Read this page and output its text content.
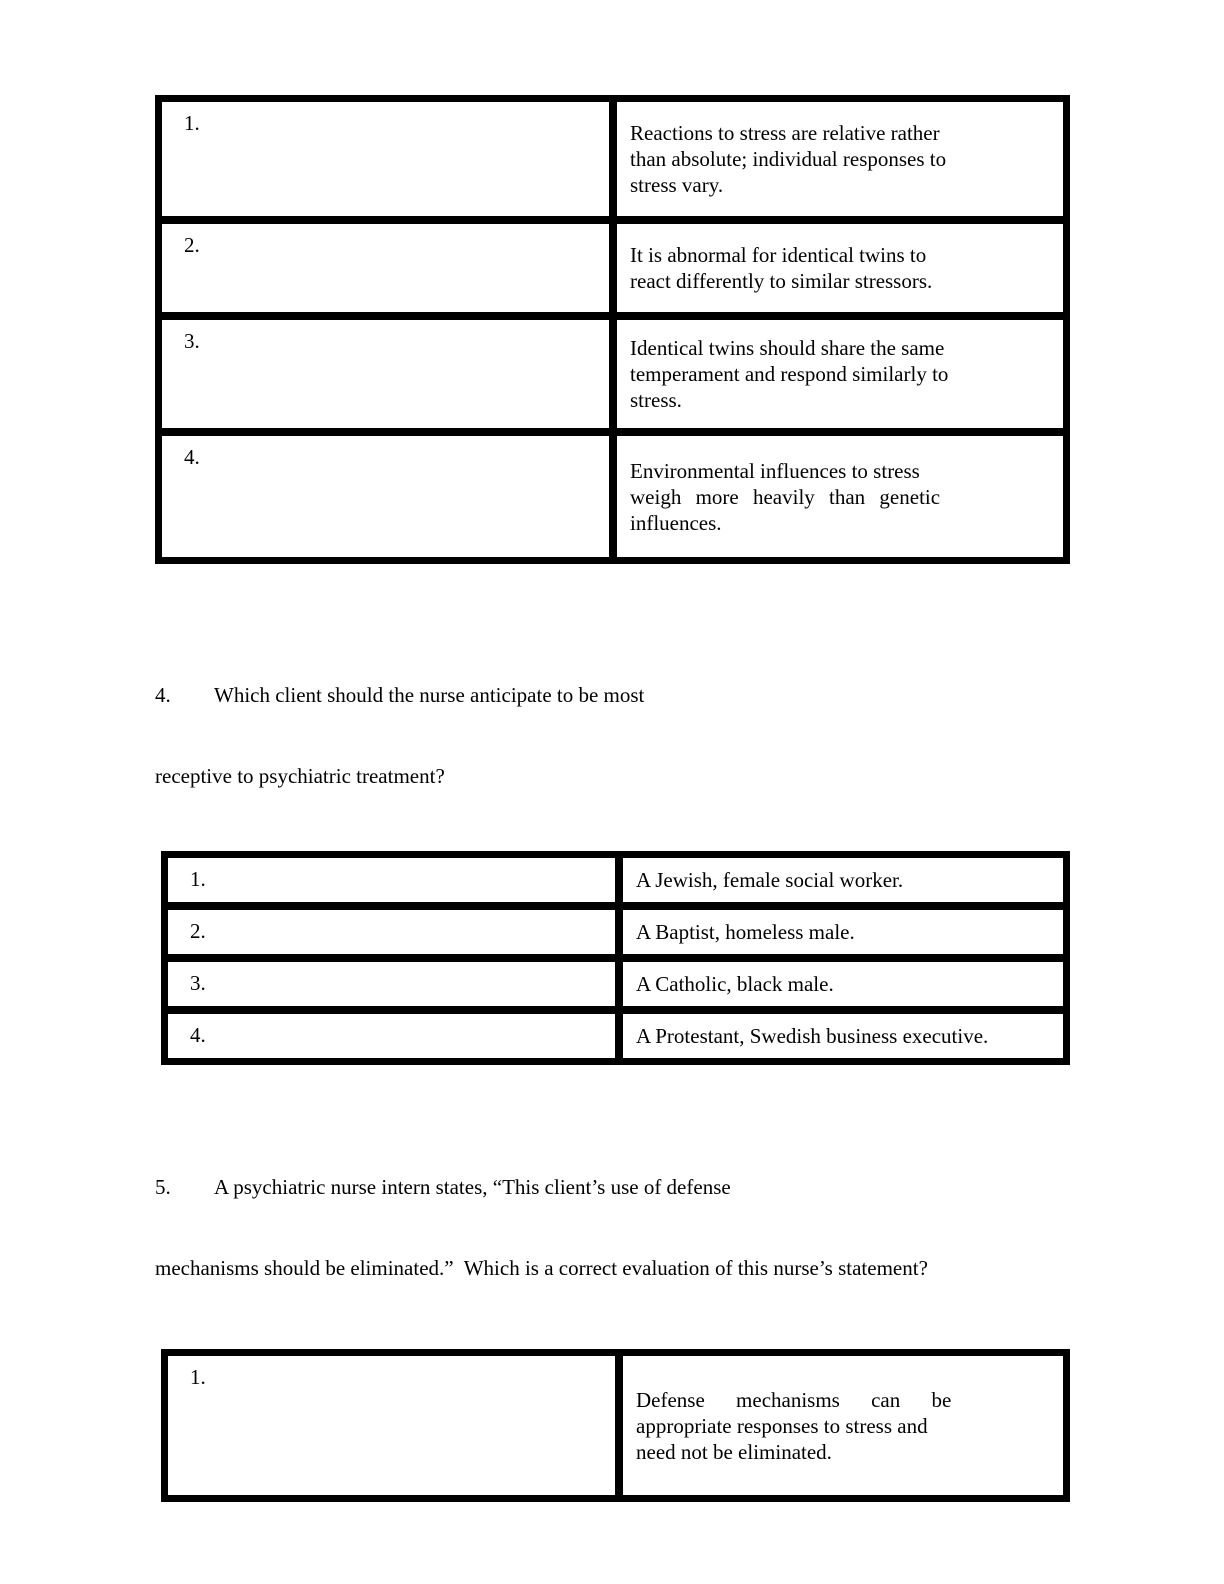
1.	Reactions to stress are relative rather
than absolute; individual responses to
stress vary.

2.	It is abnormal for identical twins to
react differently to similar stressors.

3.	Identical twins should share the same
temperament and respond similarly to
stress.

4.	Environmental influences to stress
weigh more heavily than genetic
influences.

4. Which client should the nurse anticipate to be most

receptive to psychiatric treatment?

1.	A Jewish, female social worker.

2.	A Baptist, homeless male.

3.	A Catholic, black male.

4.	A Protestant, Swedish business executive.

5. A psychiatric nurse intern states, “This client’s use of defense

mechanisms should be eliminated.”  Which is a correct evaluation of this nurse’s statement?

1.	
Defense mechanisms can be
appropriate responses to stress and
need not be eliminated.
